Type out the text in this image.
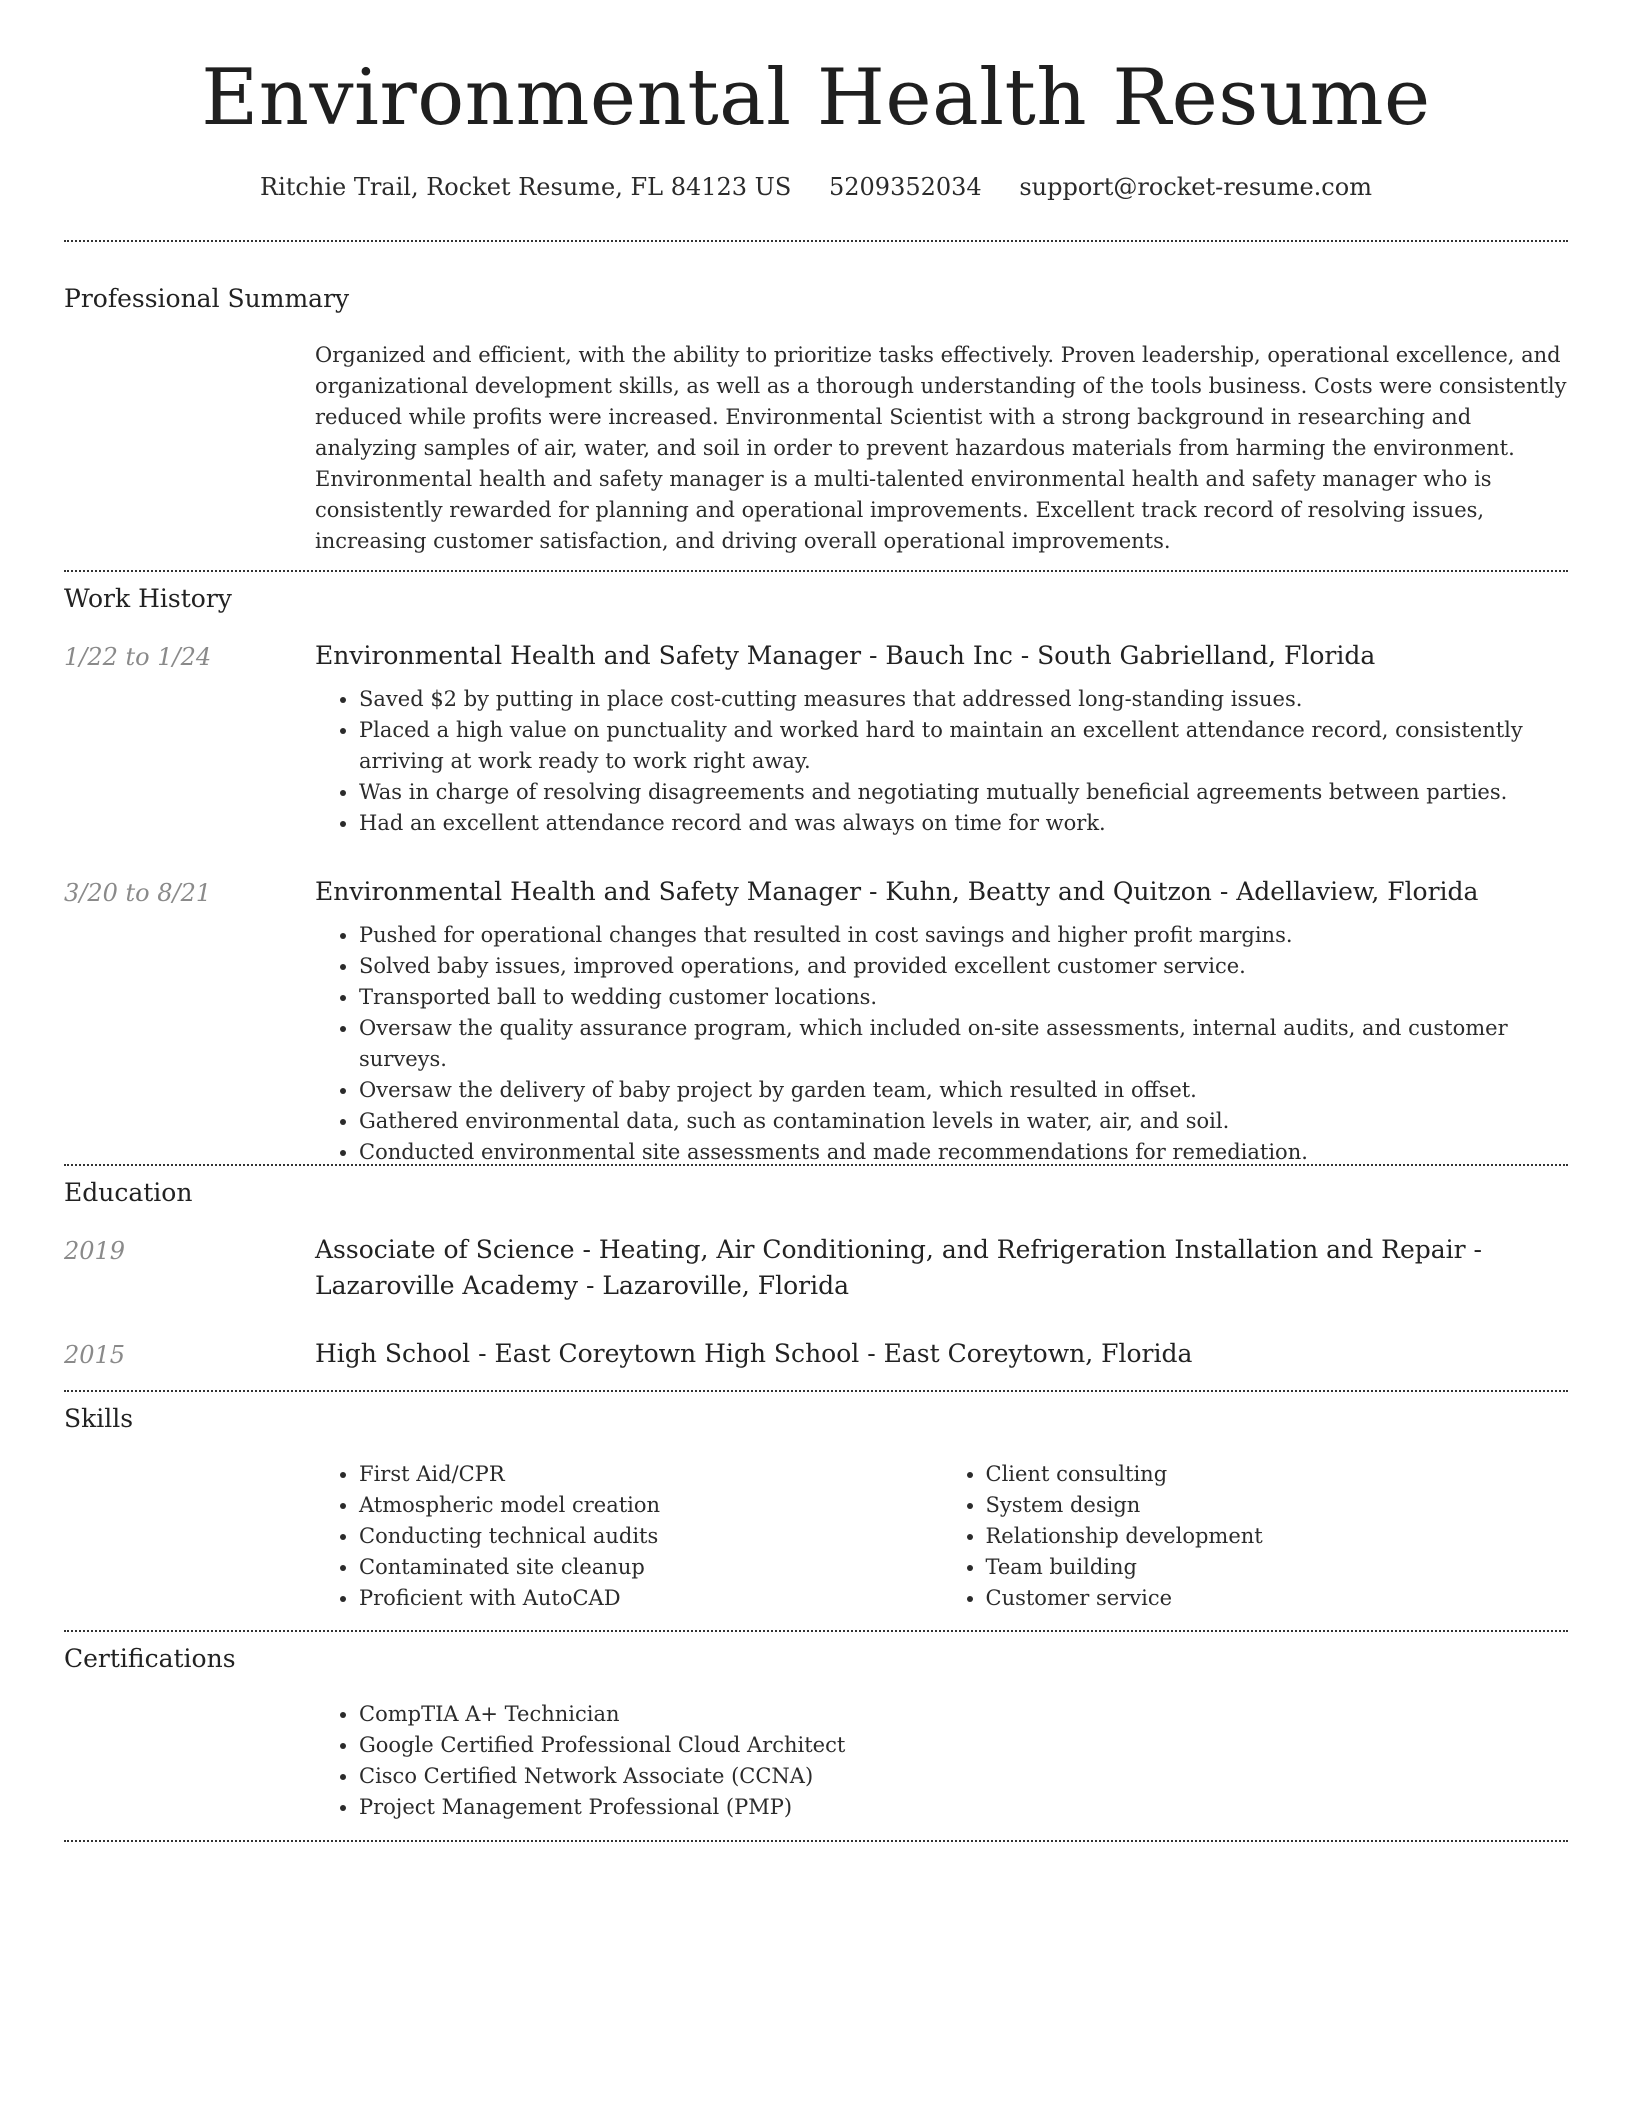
Environmental Health Resume
Ritchie Trail, Rocket Resume, FL 84123 US 5209352034 support@rocket-resume.com
Professional Summary
Organized and efficient, with the ability to prioritize tasks effectively. Proven leadership, operational excellence, and organizational development skills, as well as a thorough understanding of the tools business. Costs were consistently reduced while profits were increased. Environmental Scientist with a strong background in researching and analyzing samples of air, water, and soil in order to prevent hazardous materials from harming the environment. Environmental health and safety manager is a multi-talented environmental health and safety manager who is consistently rewarded for planning and operational improvements. Excellent track record of resolving issues, increasing customer satisfaction, and driving overall operational improvements.
Work History
1/22 to 1/24	Environmental Health and Safety Manager - Bauch Inc - South Gabrielland, Florida
• Saved $2 by putting in place cost-cutting measures that addressed long-standing issues.
• Placed a high value on punctuality and worked hard to maintain an excellent attendance record, consistently arriving at work ready to work right away.
• Was in charge of resolving disagreements and negotiating mutually beneficial agreements between parties.
• Had an excellent attendance record and was always on time for work.
3/20 to 8/21	Environmental Health and Safety Manager - Kuhn, Beatty and Quitzon - Adellaview, Florida
• Pushed for operational changes that resulted in cost savings and higher profit margins.
• Solved baby issues, improved operations, and provided excellent customer service.
• Transported ball to wedding customer locations.
• Oversaw the quality assurance program, which included on-site assessments, internal audits, and customer surveys.
• Oversaw the delivery of baby project by garden team, which resulted in offset.
• Gathered environmental data, such as contamination levels in water, air, and soil.
• Conducted environmental site assessments and made recommendations for remediation.
Education
2019	Associate of Science - Heating, Air Conditioning, and Refrigeration Installation and Repair - Lazaroville Academy - Lazaroville, Florida
2015	High School - East Coreytown High School - East Coreytown, Florida
Skills
• First Aid/CPR
• Atmospheric model creation
• Conducting technical audits
• Contaminated site cleanup
• Proficient with AutoCAD
• Client consulting
• System design
• Relationship development
• Team building
• Customer service
Certifications
• CompTIA A+ Technician
• Google Certified Professional Cloud Architect
• Cisco Certified Network Associate (CCNA)
• Project Management Professional (PMP)
